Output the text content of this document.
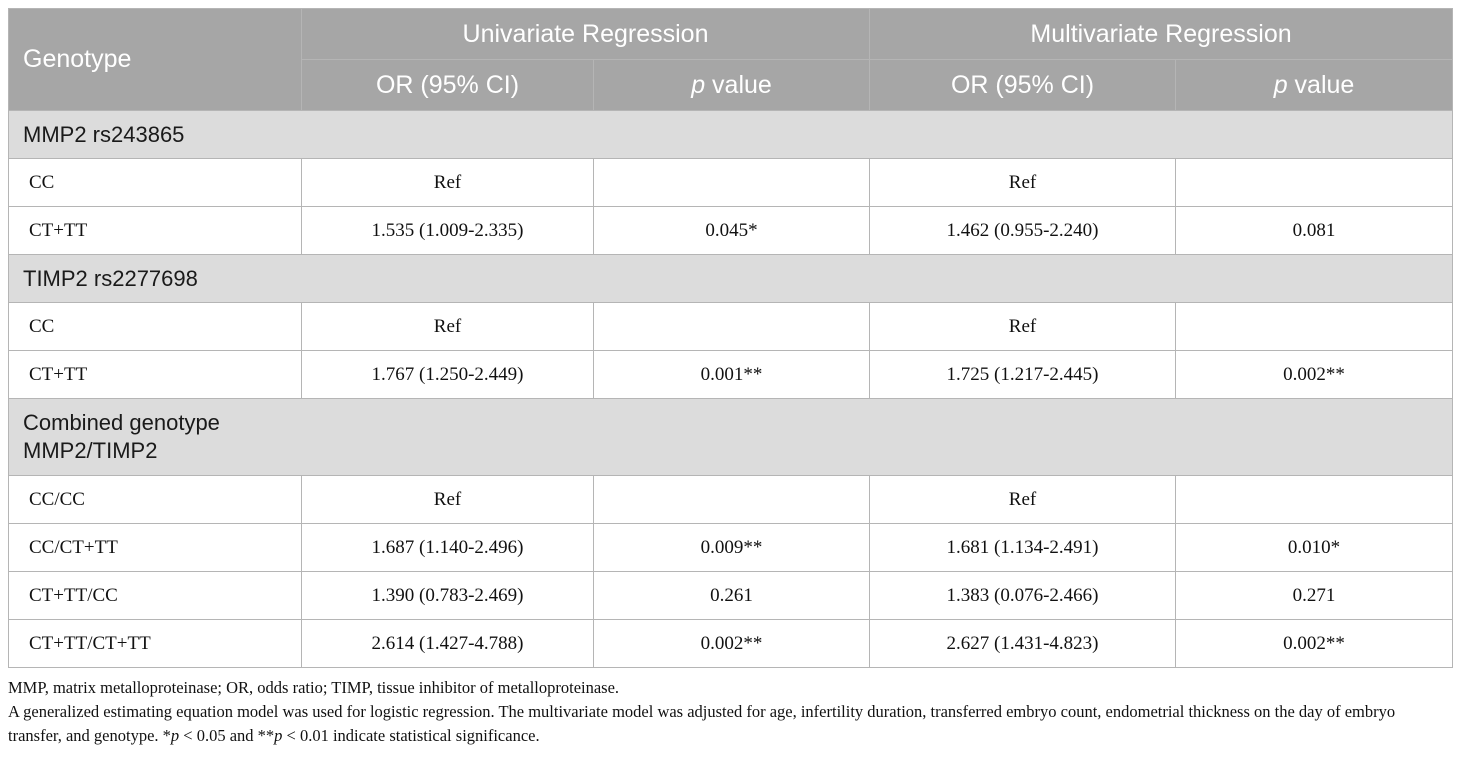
Genotype	Univariate Regression		Multivariate Regression	
	OR (95% CI)	p value	OR (95% CI)	p value
MMP2 rs243865				
CC	Ref		Ref	
CT+TT	1.535 (1.009-2.335)	0.045*	1.462 (0.955-2.240)	0.081
TIMP2 rs2277698				
CC	Ref		Ref	
CT+TT	1.767 (1.250-2.449)	0.001**	1.725 (1.217-2.445)	0.002**
Combined genotype
MMP2/TIMP2				
CC/CC	Ref		Ref	
CC/CT+TT	1.687 (1.140-2.496)	0.009**	1.681 (1.134-2.491)	0.010*
CT+TT/CC	1.390 (0.783-2.469)	0.261	1.383 (0.076-2.466)	0.271
CT+TT/CT+TT	2.614 (1.427-4.788)	0.002**	2.627 (1.431-4.823)	0.002**

MMP, matrix metalloproteinase; OR, odds ratio; TIMP, tissue inhibitor of metalloproteinase.

A generalized estimating equation model was used for logistic regression. The multivariate model was adjusted for age, infertility duration, transferred embryo count, endometrial thickness on the day of embryo transfer, and genotype. *p < 0.05 and **p < 0.01 indicate statistical significance.
